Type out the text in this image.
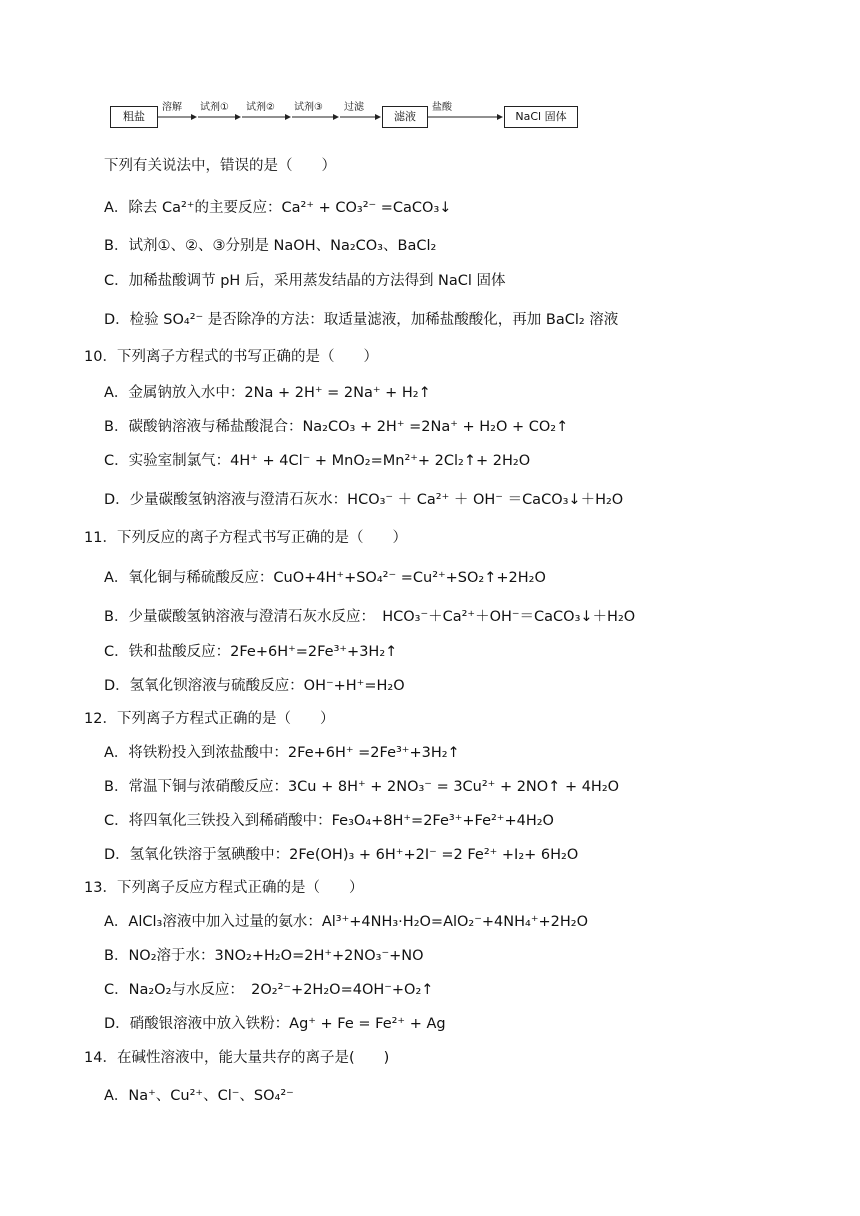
粗盐
溶解 试剂① 试剂② 试剂③ 过滤
滤液
盐酸
NaCl 固体
下列有关说法中，错误的是（　　）
A．除去 Ca²⁺的主要反应：Ca²⁺ + CO₃²⁻ =CaCO₃↓
B．试剂①、②、③分别是 NaOH、Na₂CO₃、BaCl₂
C．加稀盐酸调节 pH 后，采用蒸发结晶的方法得到 NaCl 固体
D．检验 SO₄²⁻ 是否除净的方法：取适量滤液，加稀盐酸酸化，再加 BaCl₂ 溶液
10．下列离子方程式的书写正确的是（　　）
A．金属钠放入水中：2Na + 2H⁺ = 2Na⁺ + H₂↑
B．碳酸钠溶液与稀盐酸混合：Na₂CO₃ + 2H⁺ =2Na⁺ + H₂O + CO₂↑
C．实验室制氯气：4H⁺ + 4Cl⁻ + MnO₂=Mn²⁺+ 2Cl₂↑+ 2H₂O
D．少量碳酸氢钠溶液与澄清石灰水：HCO₃⁻ ＋ Ca²⁺ ＋ OH⁻ ＝CaCO₃↓＋H₂O
11．下列反应的离子方程式书写正确的是（　　）
A．氧化铜与稀硫酸反应：CuO+4H⁺+SO₄²⁻ =Cu²⁺+SO₂↑+2H₂O
B．少量碳酸氢钠溶液与澄清石灰水反应：　HCO₃⁻＋Ca²⁺＋OH⁻＝CaCO₃↓＋H₂O
C．铁和盐酸反应：2Fe+6H⁺=2Fe³⁺+3H₂↑
D．氢氧化钡溶液与硫酸反应：OH⁻+H⁺=H₂O
12．下列离子方程式正确的是（　　）
A．将铁粉投入到浓盐酸中：2Fe+6H⁺ =2Fe³⁺+3H₂↑
B．常温下铜与浓硝酸反应：3Cu + 8H⁺ + 2NO₃⁻ = 3Cu²⁺ + 2NO↑ + 4H₂O
C．将四氧化三铁投入到稀硝酸中：Fe₃O₄+8H⁺=2Fe³⁺+Fe²⁺+4H₂O
D．氢氧化铁溶于氢碘酸中：2Fe(OH)₃ + 6H⁺+2I⁻ =2 Fe²⁺ +I₂+ 6H₂O
13．下列离子反应方程式正确的是（　　）
A．AlCl₃溶液中加入过量的氨水：Al³⁺+4NH₃·H₂O=AlO₂⁻+4NH₄⁺+2H₂O
B．NO₂溶于水：3NO₂+H₂O=2H⁺+2NO₃⁻+NO
C．Na₂O₂与水反应：　2O₂²⁻+2H₂O=4OH⁻+O₂↑
D．硝酸银溶液中放入铁粉：Ag⁺ + Fe = Fe²⁺ + Ag
14．在碱性溶液中，能大量共存的离子是(　　)
A．Na⁺、Cu²⁺、Cl⁻、SO₄²⁻
